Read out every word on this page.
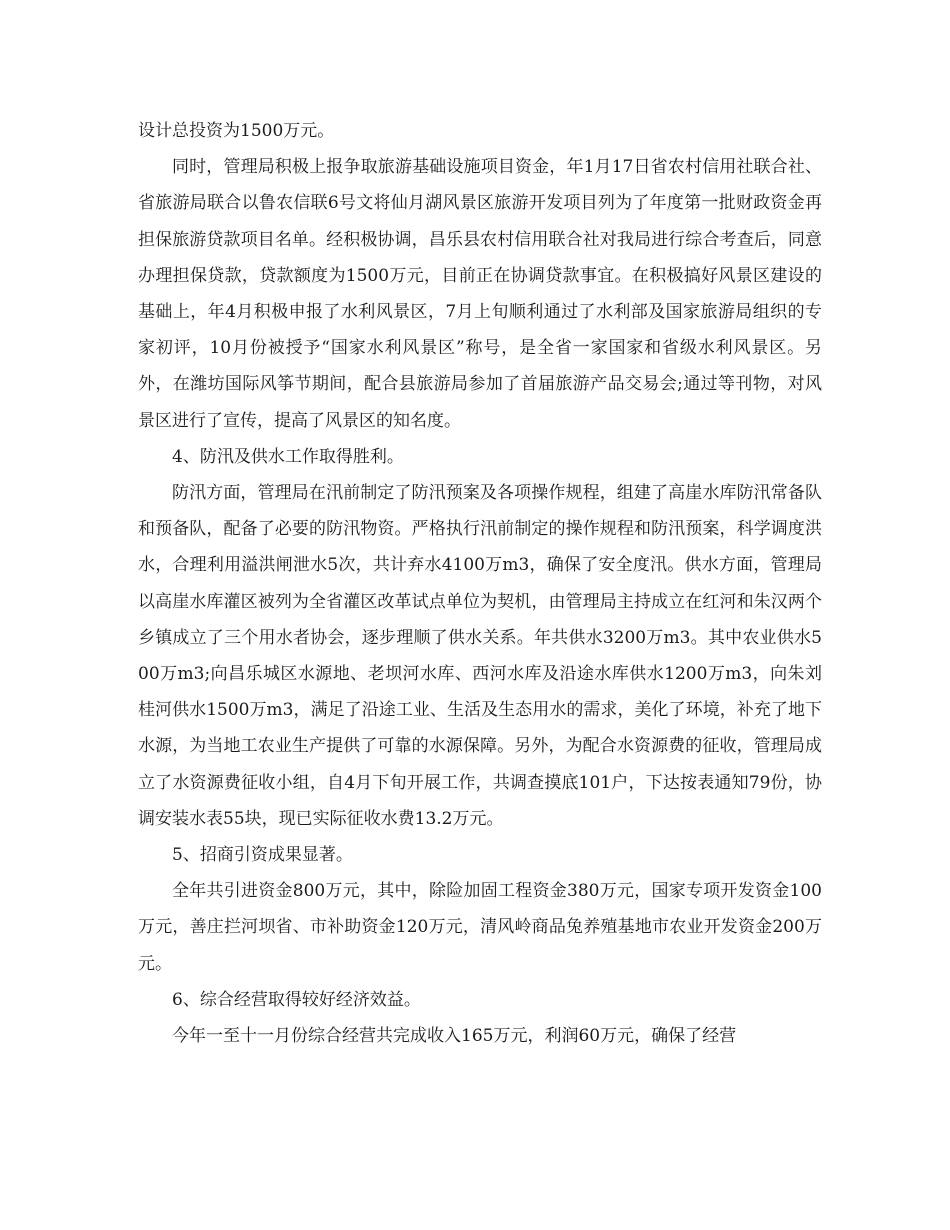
设计总投资为1500万元。

同时，管理局积极上报争取旅游基础设施项目资金，年1月17日省农村信用社联合社、省旅游局联合以鲁农信联6号文将仙月湖风景区旅游开发项目列为了年度第一批财政资金再担保旅游贷款项目名单。经积极协调，昌乐县农村信用联合社对我局进行综合考查后，同意办理担保贷款，贷款额度为1500万元，目前正在协调贷款事宜。在积极搞好风景区建设的基础上，年4月积极申报了水利风景区，7月上旬顺利通过了水利部及国家旅游局组织的专家初评，10月份被授予“国家水利风景区”称号，是全省一家国家和省级水利风景区。另外，在潍坊国际风筝节期间，配合县旅游局参加了首届旅游产品交易会;通过等刊物，对风景区进行了宣传，提高了风景区的知名度。

4、防汛及供水工作取得胜利。

防汛方面，管理局在汛前制定了防汛预案及各项操作规程，组建了高崖水库防汛常备队和预备队，配备了必要的防汛物资。严格执行汛前制定的操作规程和防汛预案，科学调度洪水，合理利用溢洪闸泄水5次，共计弃水4100万m3，确保了安全度汛。供水方面，管理局以高崖水库灌区被列为全省灌区改革试点单位为契机，由管理局主持成立在红河和朱汉两个乡镇成立了三个用水者协会，逐步理顺了供水关系。年共供水3200万m3。其中农业供水500万m3;向昌乐城区水源地、老坝河水库、西河水库及沿途水库供水1200万m3，向朱刘桂河供水1500万m3，满足了沿途工业、生活及生态用水的需求，美化了环境，补充了地下水源，为当地工农业生产提供了可靠的水源保障。另外，为配合水资源费的征收，管理局成立了水资源费征收小组，自4月下旬开展工作，共调查摸底101户，下达按表通知79份，协调安装水表55块，现已实际征收水费13.2万元。

5、招商引资成果显著。

全年共引进资金800万元，其中，除险加固工程资金380万元，国家专项开发资金100万元，善庄拦河坝省、市补助资金120万元，清风岭商品兔养殖基地市农业开发资金200万元。

6、综合经营取得较好经济效益。

今年一至十一月份综合经营共完成收入165万元，利润60万元，确保了经营
